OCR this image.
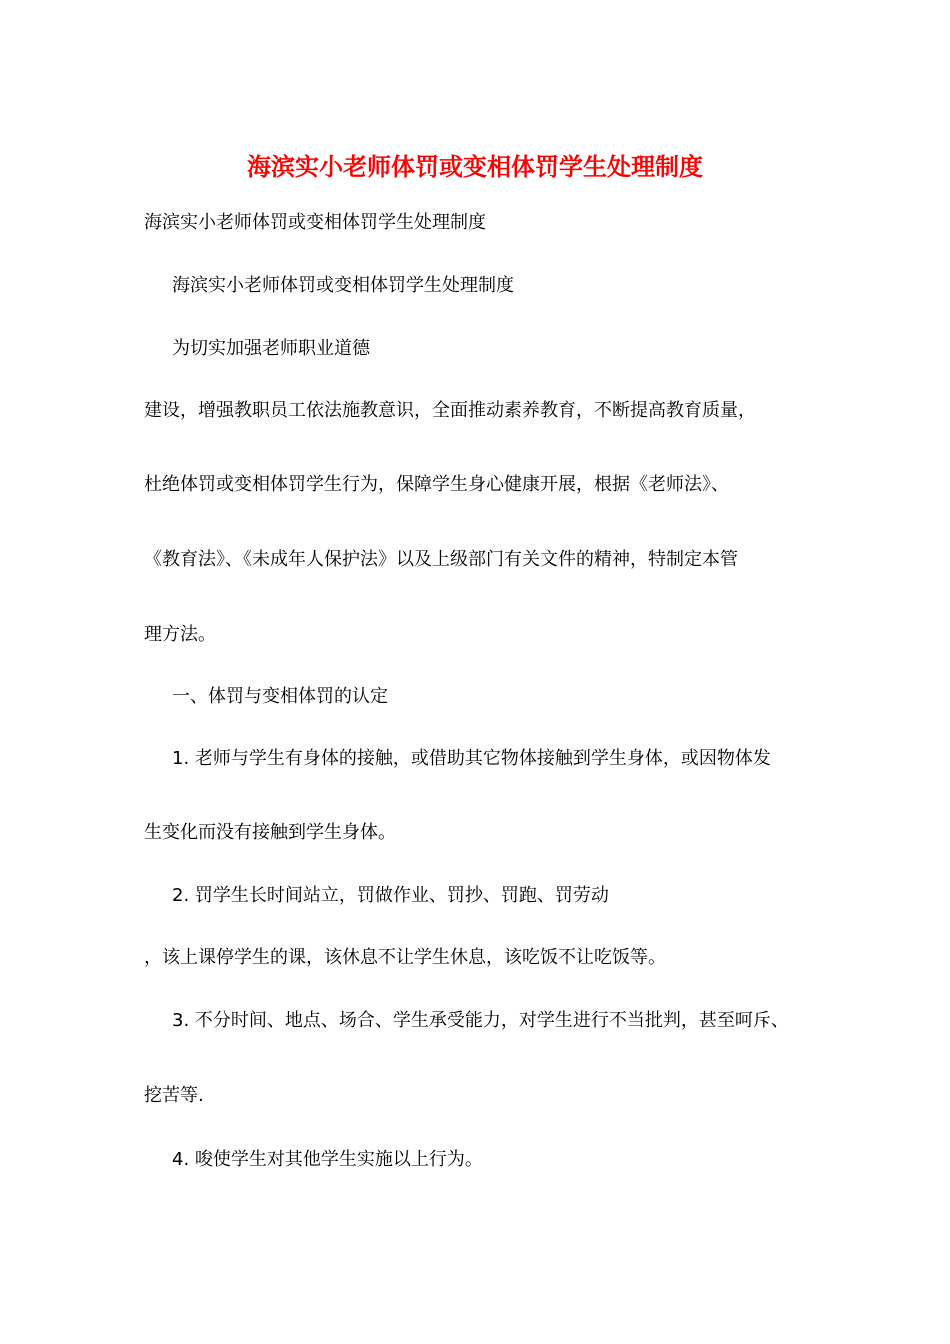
海滨实小老师体罚或变相体罚学生处理制度
海滨实小老师体罚或变相体罚学生处理制度
海滨实小老师体罚或变相体罚学生处理制度
为切实加强老师职业道德
建设，增强教职员工依法施教意识，全面推动素养教育，不断提高教育质量，
杜绝体罚或变相体罚学生行为，保障学生身心健康开展，根据《老师法》、
《教育法》、《未成年人保护法》以及上级部门有关文件的精神，特制定本管
理方法。
一、体罚与变相体罚的认定
1. 老师与学生有身体的接触，或借助其它物体接触到学生身体，或因物体发
生变化而没有接触到学生身体。
2. 罚学生长时间站立，罚做作业、罚抄、罚跑、罚劳动
，该上课停学生的课，该休息不让学生休息，该吃饭不让吃饭等。
3. 不分时间、地点、场合、学生承受能力，对学生进行不当批判，甚至呵斥、
挖苦等.
4. 唆使学生对其他学生实施以上行为。
